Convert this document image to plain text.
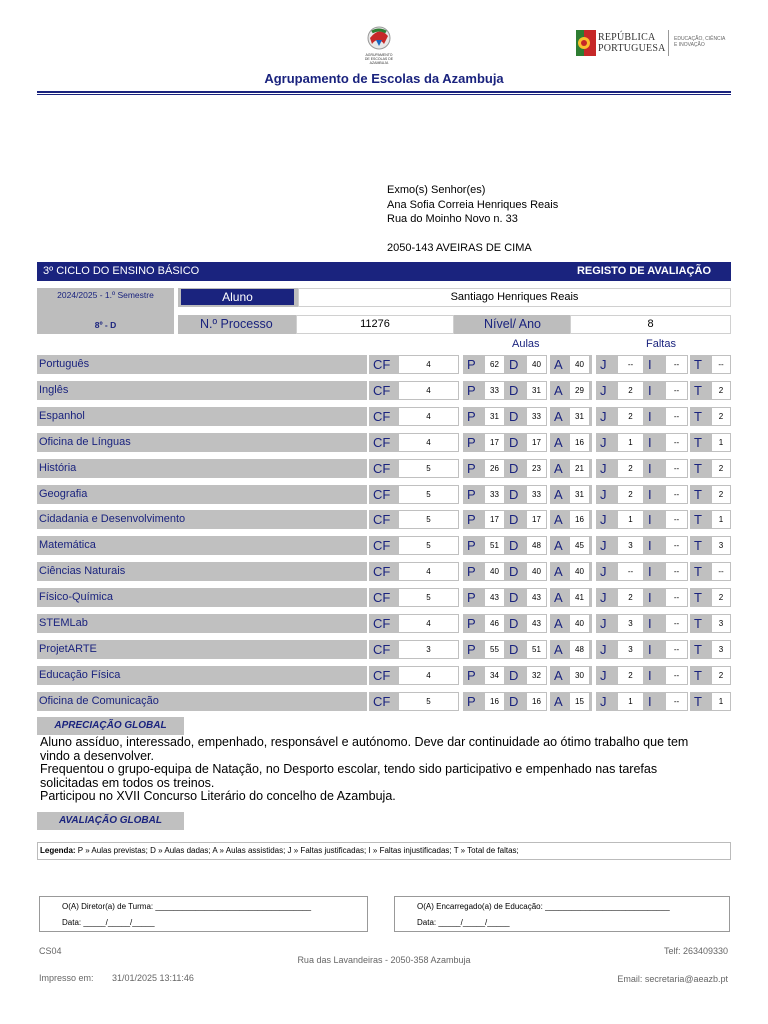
AGRUPAMENTO
DE ESCOLAS DE AZAMBUJA
REPÚBLICA
PORTUGUESA
EDUCAÇÃO, CIÊNCIA
E INOVAÇÃO
Agrupamento de Escolas da Azambuja
Exmo(s) Senhor(es)
Ana Sofia Correia Henriques Reais
Rua do Moinho Novo n. 33
2050-143 AVEIRAS DE CIMA
3º CICLO DO ENSINO BÁSICO	REGISTO DE AVALIAÇÃO
2024/2025 - 1.º Semestre
8º - D
Aluno	Santiago Henriques Reais
N.º Processo	11276	Nível/ Ano	8
Aulas	Faltas
Português	CF	4	P	62 D	40	A	40	J	--	I	--	T	--
Inglês	CF	4	P	33 D	31	A	29	J	2	I	--	T	2
Espanhol	CF	4	P	31 D	33	A	31	J	2	I	--	T	2
Oficina de Línguas	CF	4	P	17 D	17	A	16	J	1	I	--	T	1
História	CF	5	P	26 D	23	A	21	J	2	I	--	T	2
Geografia	CF	5	P	33 D	33	A	31	J	2	I	--	T	2
Cidadania e Desenvolvimento	CF	5	P	17 D	17	A	16	J	1	I	--	T	1
Matemática	CF	5	P	51 D	48	A	45	J	3	I	--	T	3
Ciências Naturais	CF	4	P	40 D	40	A	40	J	--	I	--	T	--
Físico-Química	CF	5	P	43 D	43	A	41	J	2	I	--	T	2
STEMLab	CF	4	P	46 D	43	A	40	J	3	I	--	T	3
ProjetARTE	CF	3	P	55 D	51	A	48	J	3	I	--	T	3
Educação Física	CF	4	P	34 D	32	A	30	J	2	I	--	T	2
Oficina de Comunicação	CF	5	P	16 D	16	A	15	J	1	I	--	T	1
APRECIAÇÃO GLOBAL
Aluno assíduo, interessado, empenhado, responsável e autónomo. Deve dar continuidade ao ótimo trabalho que tem
vindo a desenvolver.
Frequentou o grupo-equipa de Natação, no Desporto escolar, tendo sido participativo e empenhado nas tarefas
solicitadas em todos os treinos.
Participou no XVII Concurso Literário do concelho de Azambuja.
AVALIAÇÃO GLOBAL
Legenda: P » Aulas previstas; D » Aulas dadas; A » Aulas assistidas; J » Faltas justificadas; I » Faltas injustificadas; T » Total de faltas;
O(A) Diretor(a) de Turma: ___________________________________
Data: _____/_____/_____
O(A) Encarregado(a) de Educação: ____________________________
Data: _____/_____/_____
CS04	Telf: 263409330
Rua das Lavandeiras - 2050-358 Azambuja
Impresso em: 31/01/2025 13:11:46	Email: secretaria@aeazb.pt
